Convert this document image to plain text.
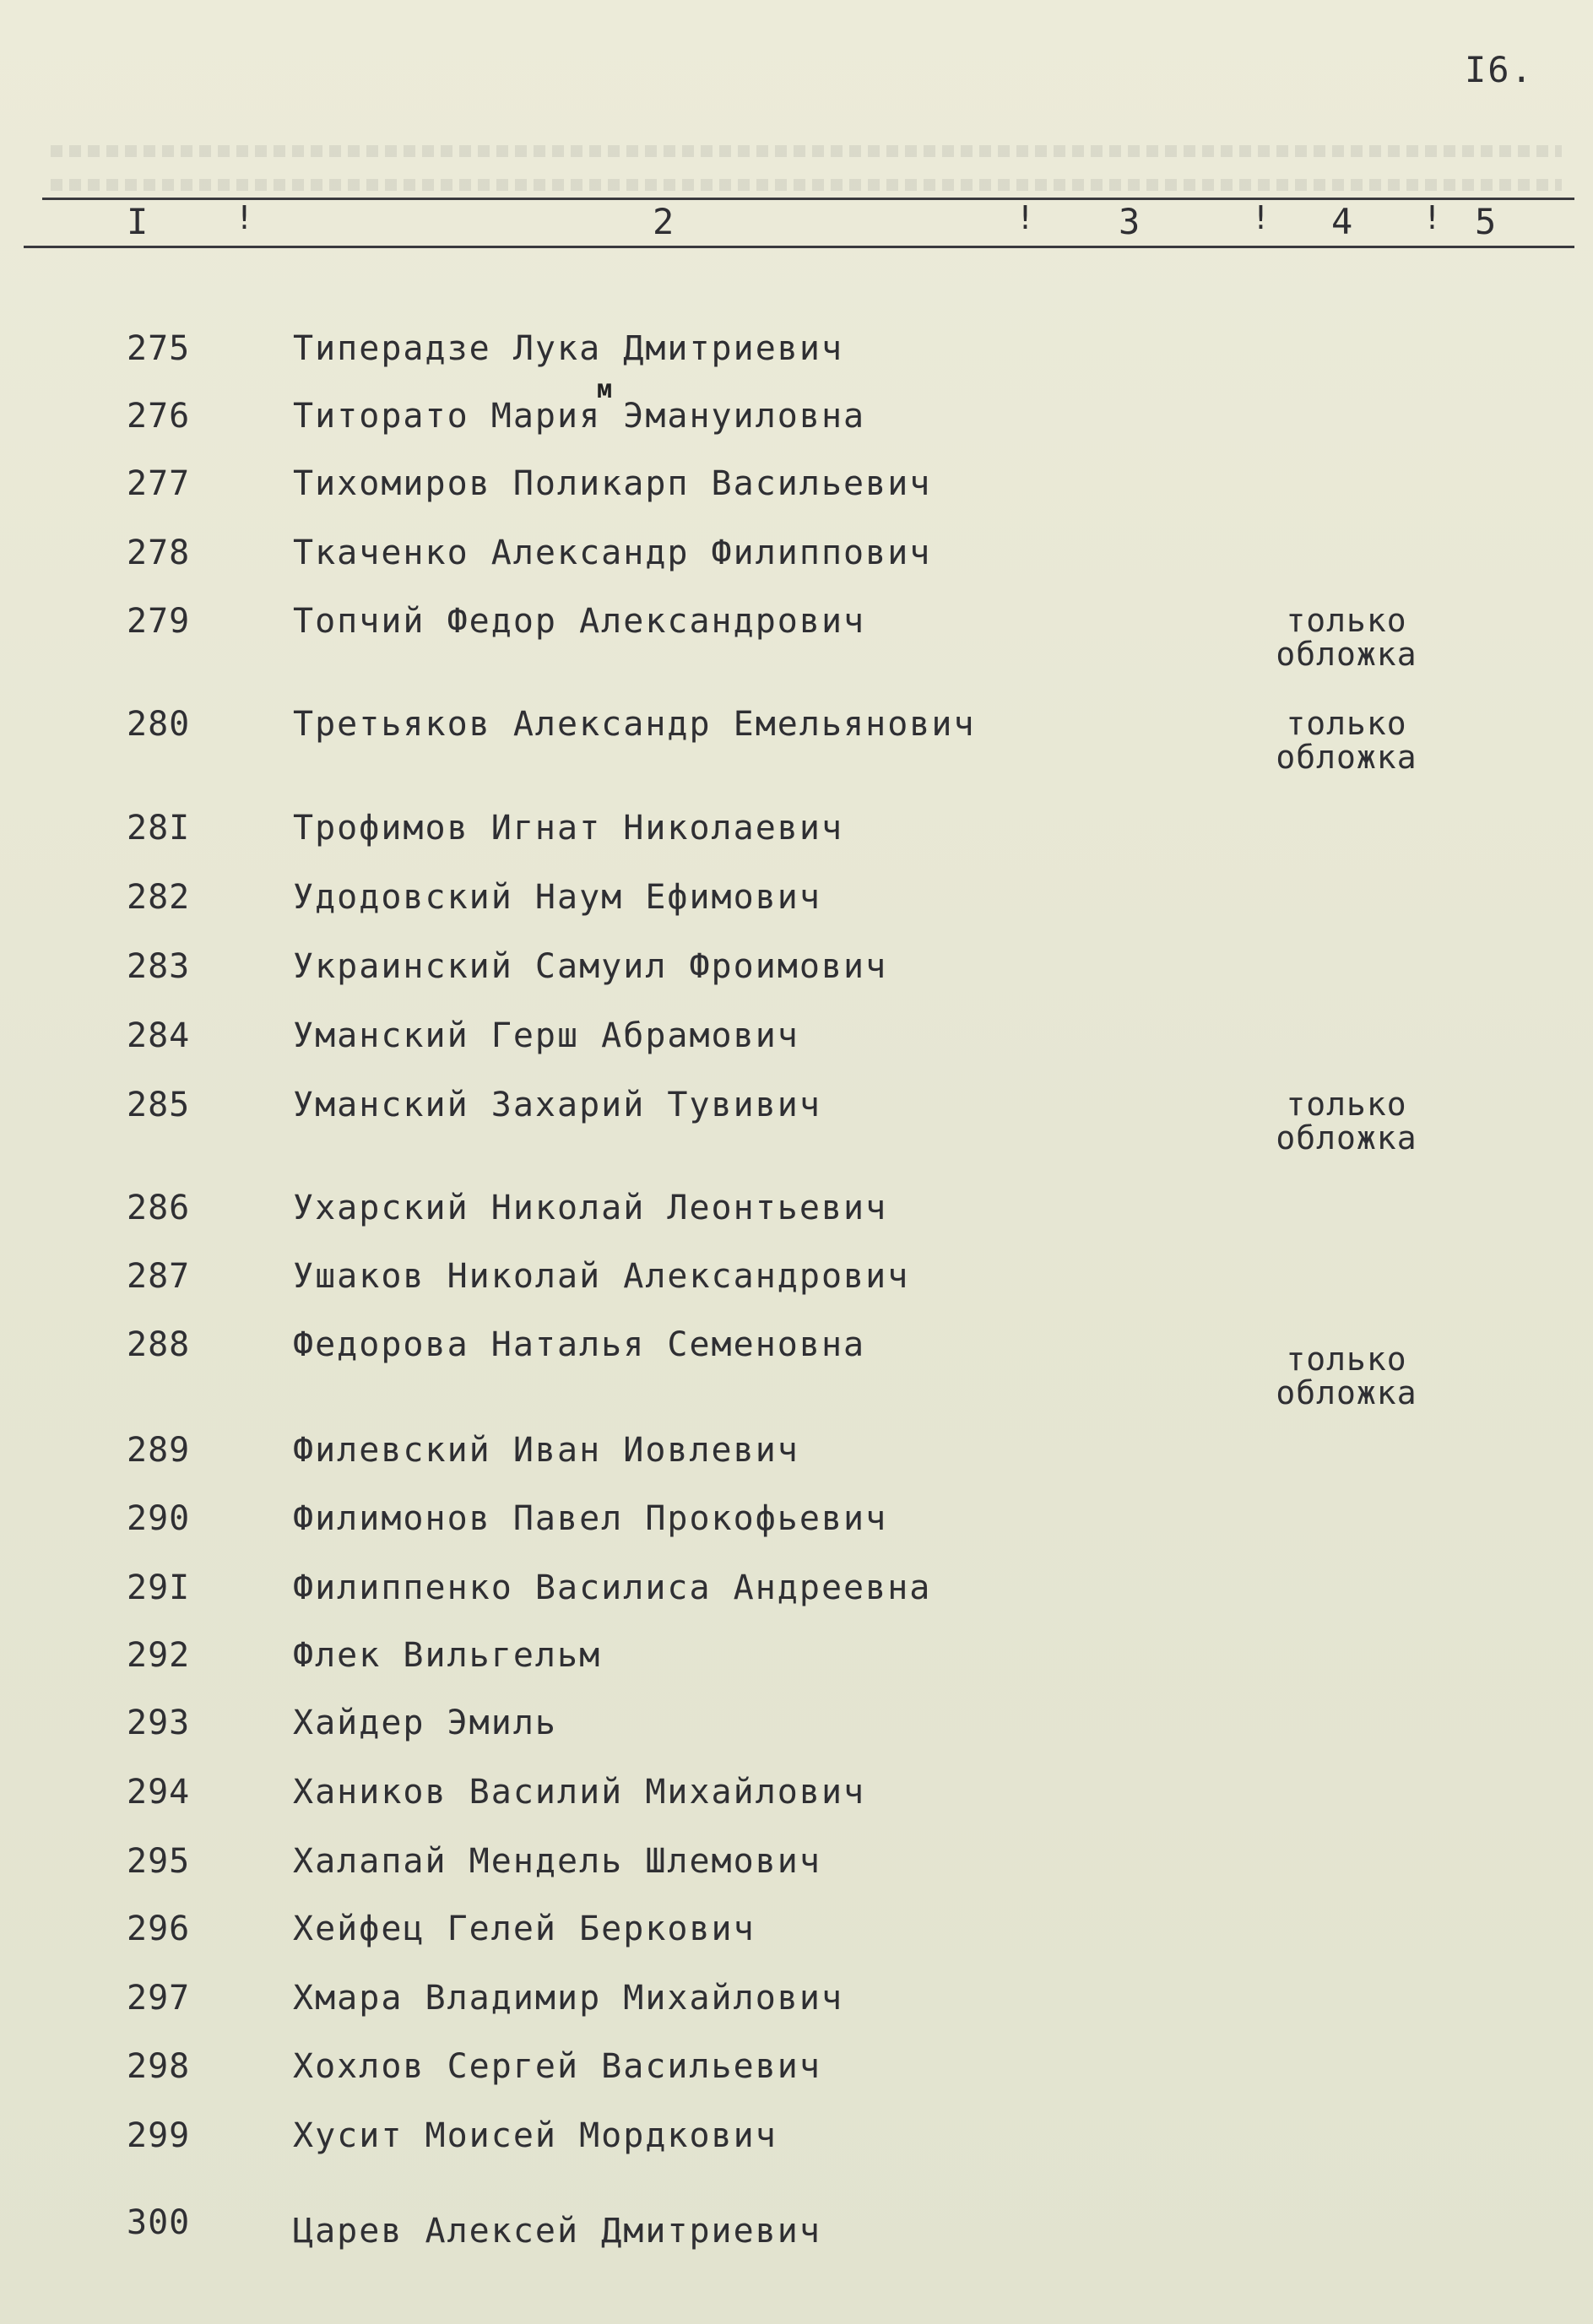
I6.
I	!	2	! 3	! 4 ! 5
м
275	Типерадзе Лука Дмитриевич
276	Титорато Мария Эмануиловна
277	Тихомиров Поликарп Васильевич
278	Ткаченко Александр Филиппович
279	Топчий Федор Александрович	только
обложка
280	Третьяков Александр Емельянович	только
обложка
28I	Трофимов Игнат Николаевич
282	Удодовский Наум Ефимович
283	Украинский Самуил Фроимович
284	Уманский Герш Абрамович
285	Уманский Захарий Тувивич	только
обложка
286	Ухарский Николай Леонтьевич
287	Ушаков Николай Александрович
288	Федорова Наталья Семеновна	только
обложка
289	Филевский Иван Иовлевич
290	Филимонов Павел Прокофьевич
29I	Филиппенко Василиса Андреевна
292	Флек Вильгельм
293	Хайдер Эмиль
294	Хаников Василий Михайлович
295	Халапай Мендель Шлемович
296	Хейфец Гелей Беркович
297	Хмара Владимир Михайлович
298	Хохлов Сергей Васильевич
299	Хусит Моисей Мордкович
300	Царев Алексей Дмитриевич
